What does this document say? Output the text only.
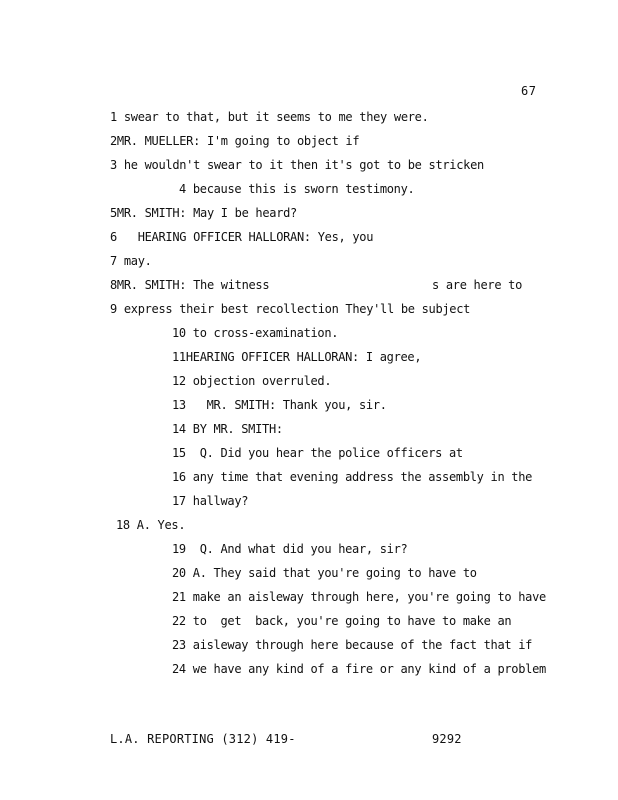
67
1 swear to that, but it seems to me they were.
2MR. MUELLER: I'm going to object if
3 he wouldn't swear to it then it's got to be stricken
4 because this is sworn testimony.
5MR. SMITH: May I be heard?
6   HEARING OFFICER HALLORAN: Yes, you
7 may.
8MR. SMITH: The witness	s are here to
9 express their best recollection They'll be subject
10 to cross-examination.
11HEARING OFFICER HALLORAN: I agree,
12 objection overruled.
13   MR. SMITH: Thank you, sir.
14 BY MR. SMITH:
15  Q. Did you hear the police officers at
16 any time that evening address the assembly in the
17 hallway?
18 A. Yes.
19  Q. And what did you hear, sir?
20 A. They said that you're going to have to
21 make an aisleway through here, you're going to have
22 to  get  back, you're going to have to make an
23 aisleway through here because of the fact that if
24 we have any kind of a fire or any kind of a problem
L.A. REPORTING (312) 419-	9292
